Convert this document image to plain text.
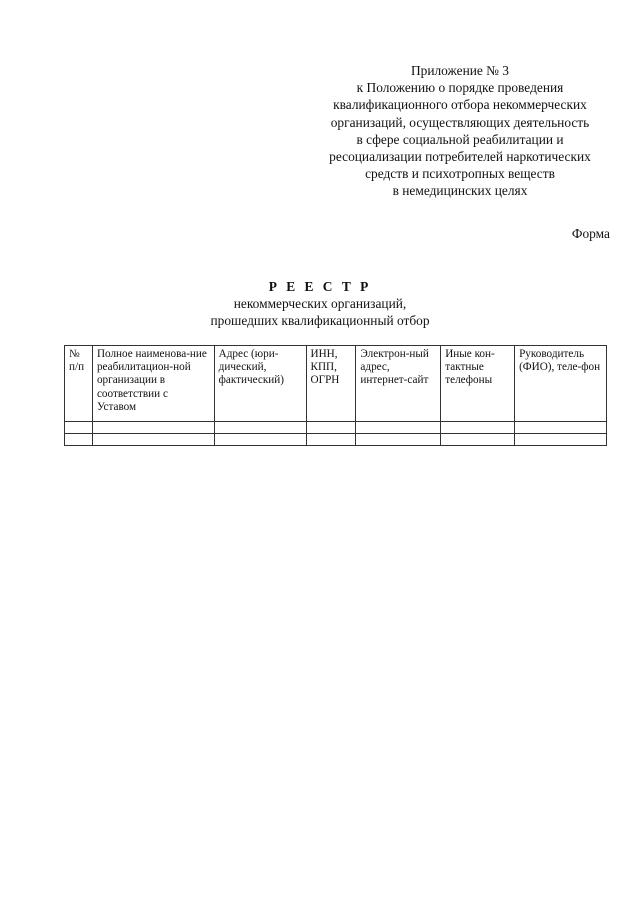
Приложение № 3
к Положению о порядке проведения
квалификационного отбора некоммерческих
организаций, осуществляющих деятельность
в сфере социальной реабилитации и
ресоциализации потребителей наркотических
средств и психотропных веществ
в немедицинских целях
Форма
Р Е Е С Т Р
некоммерческих организаций,
прошедших квалификационный отбор
№ п/п	Полное наименова-ние реабилитацион-ной организации в соответствии с Уставом	Адрес (юри-дический, фактический)	ИНН, КПП, ОГРН	Электрон-ный адрес, интернет-сайт	Иные кон-тактные телефоны	Руководитель (ФИО), теле-фон
